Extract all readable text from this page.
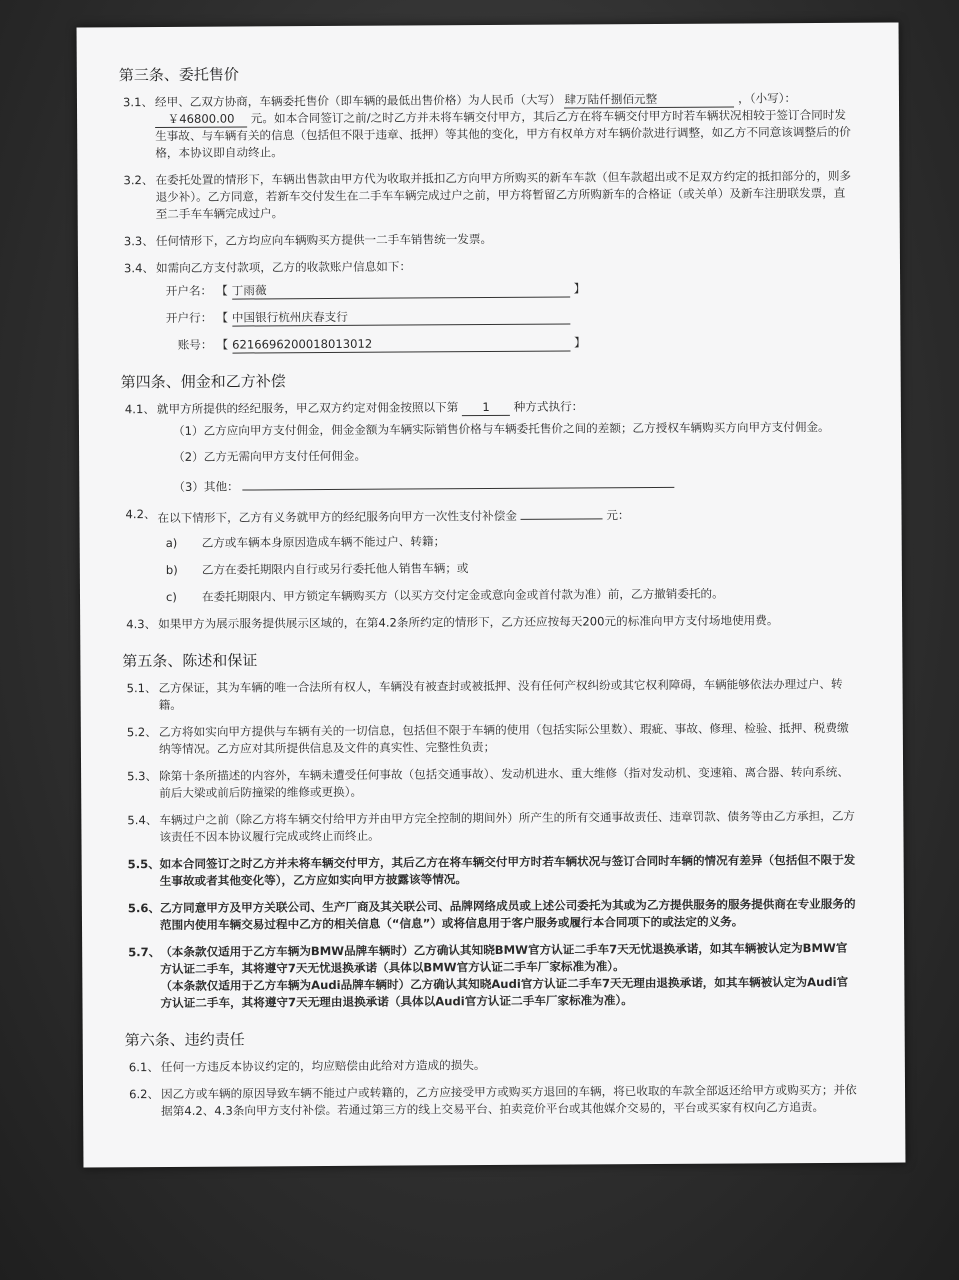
第三条、委托售价
3.1、 经甲、乙双方协商，车辆委托售价（即车辆的最低出售价格）为人民币（大写） 肆万陆仟捌佰元整	，（小写）： ￥46800.00 元。如本合同签订之前/之时乙方并未将车辆交付甲方，其后乙方在将车辆交付甲方时若车辆状况相较于签订合同时发生事故、与车辆有关的信息（包括但不限于违章、抵押）等其他的变化，甲方有权单方对车辆价款进行调整，如乙方不同意该调整后的价格，本协议即自动终止。
3.2、 在委托处置的情形下，车辆出售款由甲方代为收取并抵扣乙方向甲方所购买的新车车款（但车款超出或不足双方约定的抵扣部分的，则多退少补）。乙方同意，若新车交付发生在二手车车辆完成过户之前，甲方将暂留乙方所购新车的合格证（或关单）及新车注册联发票，直至二手车车辆完成过户。
3.3、 任何情形下，乙方均应向车辆购买方提供一二手车销售统一发票。
3.4、 如需向乙方支付款项，乙方的收款账户信息如下：
开户名： 【 丁雨薇	】
开户行： 【 中国银行杭州庆春支行
账号： 【 6216696200018013012	】
第四条、佣金和乙方补偿
4.1、 就甲方所提供的经纪服务，甲乙双方约定对佣金按照以下第 1 种方式执行：
（1）乙方应向甲方支付佣金，佣金金额为车辆实际销售价格与车辆委托售价之间的差额；乙方授权车辆购买方向甲方支付佣金。
（2）乙方无需向甲方支付任何佣金。
（3）其他：
4.2、 在以下情形下，乙方有义务就甲方的经纪服务向甲方一次性支付补偿金	元：
a)	乙方或车辆本身原因造成车辆不能过户、转籍；
b)	乙方在委托期限内自行或另行委托他人销售车辆；或
c)	在委托期限内、甲方锁定车辆购买方（以买方交付定金或意向金或首付款为准）前，乙方撤销委托的。
4.3、 如果甲方为展示服务提供展示区域的，在第4.2条所约定的情形下，乙方还应按每天200元的标准向甲方支付场地使用费。
第五条、陈述和保证
5.1、 乙方保证，其为车辆的唯一合法所有权人，车辆没有被查封或被抵押、没有任何产权纠纷或其它权利障碍，车辆能够依法办理过户、转籍。
5.2、 乙方将如实向甲方提供与车辆有关的一切信息，包括但不限于车辆的使用（包括实际公里数）、瑕疵、事故、修理、检验、抵押、税费缴纳等情况。乙方应对其所提供信息及文件的真实性、完整性负责；
5.3、 除第十条所描述的内容外，车辆未遭受任何事故（包括交通事故）、发动机进水、重大维修（指对发动机、变速箱、离合器、转向系统、前后大梁或前后防撞梁的维修或更换）。
5.4、 车辆过户之前（除乙方将车辆交付给甲方并由甲方完全控制的期间外）所产生的所有交通事故责任、违章罚款、债务等由乙方承担，乙方该责任不因本协议履行完成或终止而终止。
5.5、 如本合同签订之时乙方并未将车辆交付甲方，其后乙方在将车辆交付甲方时若车辆状况与签订合同时车辆的情况有差异（包括但不限于发生事故或者其他变化等），乙方应如实向甲方披露该等情况。
5.6、 乙方同意甲方及甲方关联公司、生产厂商及其关联公司、品牌网络成员或上述公司委托为其或为乙方提供服务的服务提供商在专业服务的范围内使用车辆交易过程中乙方的相关信息（“信息”）或将信息用于客户服务或履行本合同项下的或法定的义务。
5.7、 （本条款仅适用于乙方车辆为BMW品牌车辆时）乙方确认其知晓BMW官方认证二手车7天无忧退换承诺，如其车辆被认定为BMW官方认证二手车，其将遵守7天无忧退换承诺（具体以BMW官方认证二手车厂家标准为准）。
（本条款仅适用于乙方车辆为Audi品牌车辆时）乙方确认其知晓Audi官方认证二手车7天无理由退换承诺，如其车辆被认定为Audi官方认证二手车，其将遵守7天无理由退换承诺（具体以Audi官方认证二手车厂家标准为准）。
第六条、违约责任
6.1、 任何一方违反本协议约定的，均应赔偿由此给对方造成的损失。
6.2、 因乙方或车辆的原因导致车辆不能过户或转籍的，乙方应接受甲方或购买方退回的车辆，将已收取的车款全部返还给甲方或购买方；并依据第4.2、4.3条向甲方支付补偿。若通过第三方的线上交易平台、拍卖竞价平台或其他媒介交易的，平台或买家有权向乙方追责。
